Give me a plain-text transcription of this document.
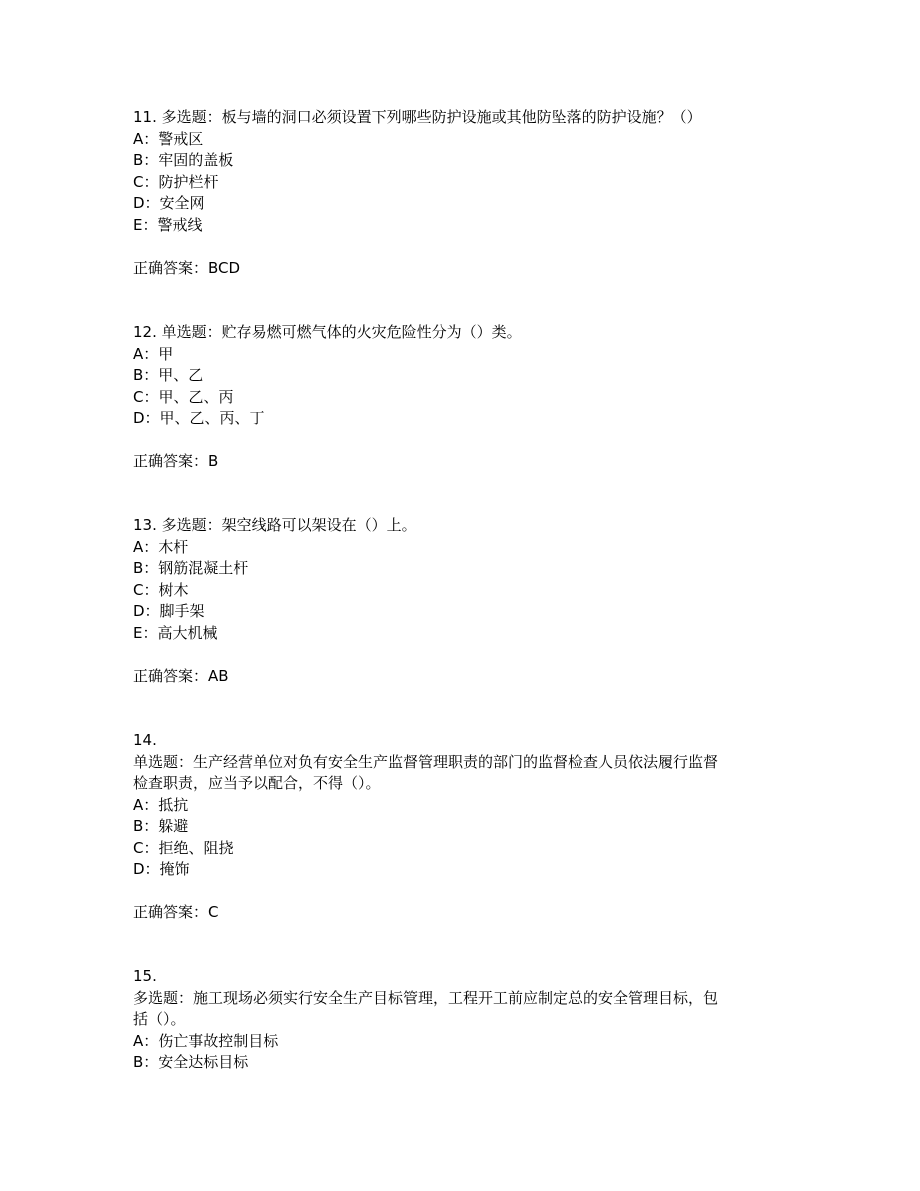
11. 多选题：板与墙的洞口必须设置下列哪些防护设施或其他防坠落的防护设施？（）
A：警戒区
B：牢固的盖板
C：防护栏杆
D：安全网
E：警戒线
正确答案：BCD
12. 单选题：贮存易燃可燃气体的火灾危险性分为（）类。
A：甲
B：甲、乙
C：甲、乙、丙
D：甲、乙、丙、丁
正确答案：B
13. 多选题：架空线路可以架设在（）上。
A：木杆
B：钢筋混凝土杆
C：树木
D：脚手架
E：高大机械
正确答案：AB
14.
单选题：生产经营单位对负有安全生产监督管理职责的部门的监督检查人员依法履行监督
检查职责，应当予以配合，不得（）。
A：抵抗
B：躲避
C：拒绝、阻挠
D：掩饰
正确答案：C
15.
多选题：施工现场必须实行安全生产目标管理，工程开工前应制定总的安全管理目标，包
括（）。
A：伤亡事故控制目标
B：安全达标目标
